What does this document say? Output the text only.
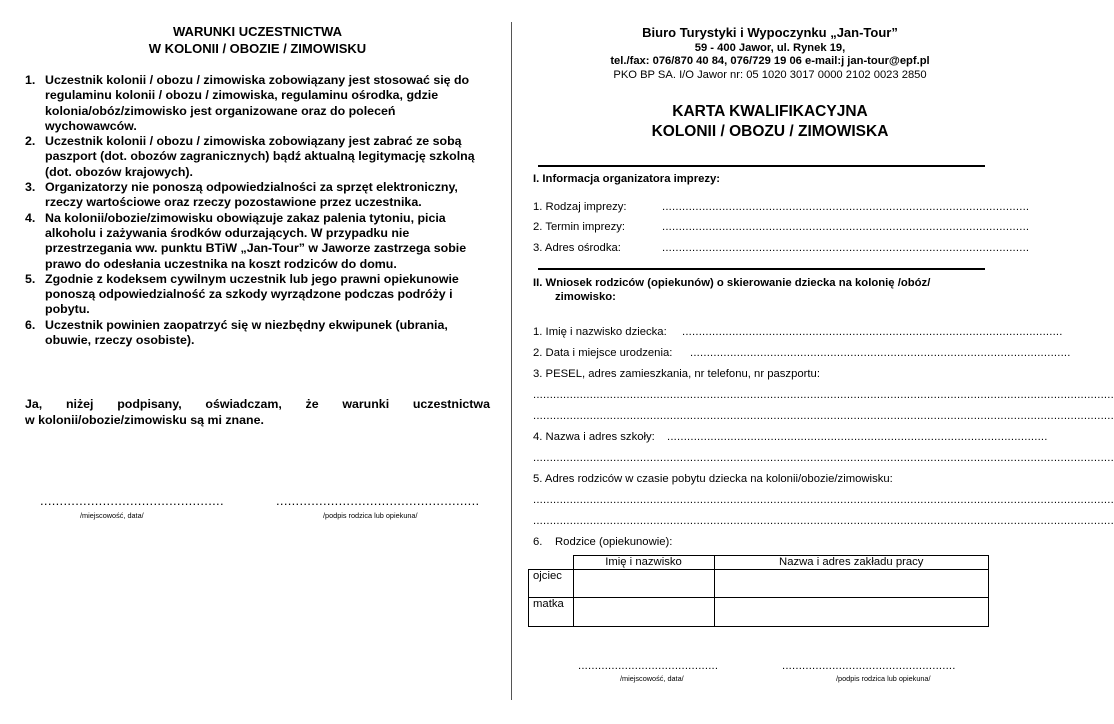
WARUNKI UCZESTNICTWA
W KOLONII / OBOZIE / ZIMOWISKU
1. Uczestnik kolonii / obozu / zimowiska zobowiązany jest stosować się do regulaminu kolonii / obozu / zimowiska, regulaminu ośrodka, gdzie kolonia/obóz/zimowisko jest organizowane oraz do poleceń wychowawców.
2. Uczestnik kolonii / obozu / zimowiska zobowiązany jest zabrać ze sobą paszport (dot. obozów zagranicznych) bądź aktualną legitymację szkolną (dot. obozów krajowych).
3. Organizatorzy nie ponoszą odpowiedzialności za sprzęt elektroniczny, rzeczy wartościowe oraz rzeczy pozostawione przez uczestnika.
4. Na kolonii/obozie/zimowisku obowiązuje zakaz palenia tytoniu, picia alkoholu i zażywania środków odurzających. W przypadku nie przestrzegania ww. punktu BTiW „Jan-Tour” w Jaworze zastrzega sobie prawo do odesłania uczestnika na koszt rodziców do domu.
5. Zgodnie z kodeksem cywilnym uczestnik lub jego prawni opiekunowie ponoszą odpowiedzialność za szkody wyrządzone podczas podróży i pobytu.
6. Uczestnik powinien zaopatrzyć się w niezbędny ekwipunek (ubrania, obuwie, rzeczy osobiste).
Ja, niżej podpisany, oświadczam, że warunki uczestnictwa
w kolonii/obozie/zimowisku są mi znane.
...............................................	....................................................
/miejscowość, data/	/podpis rodzica lub opiekuna/
Biuro Turystyki i Wypoczynku „Jan-Tour”
59 - 400 Jawor, ul. Rynek 19,
tel./fax: 076/870 40 84, 076/729 19 06 e-mail:j jan-tour@epf.pl
PKO BP SA. I/O Jawor nr: 05 1020 3017 0000 2102 0023 2850
KARTA KWALIFIKACYJNA
KOLONII / OBOZU / ZIMOWISKA
I. Informacja organizatora imprezy:
1. Rodzaj imprezy:	..............................................................................................................
2. Termin imprezy:	..............................................................................................................
3. Adres ośrodka:	..............................................................................................................
II. Wniosek rodziców (opiekunów) o skierowanie dziecka na kolonię /obóz/
zimowisko:
1. Imię i nazwisko dziecka: ..................................................................................................................
2. Data i miejsce urodzenia: ..................................................................................................................
3. PESEL, adres zamieszkania, nr telefonu, nr paszportu:
..............................................................................................................................................................................
..............................................................................................................................................................................
4. Nazwa i adres szkoły: ..................................................................................................................
..............................................................................................................................................................................
5. Adres rodziców w czasie pobytu dziecka na kolonii/obozie/zimowisku:
..............................................................................................................................................................................
..............................................................................................................................................................................
6. Rodzice (opiekunowie):
	Imię i nazwisko	Nazwa i adres zakładu pracy
ojciec		
matka		
..........................................	....................................................
/miejscowość, data/	/podpis rodzica lub opiekuna/
